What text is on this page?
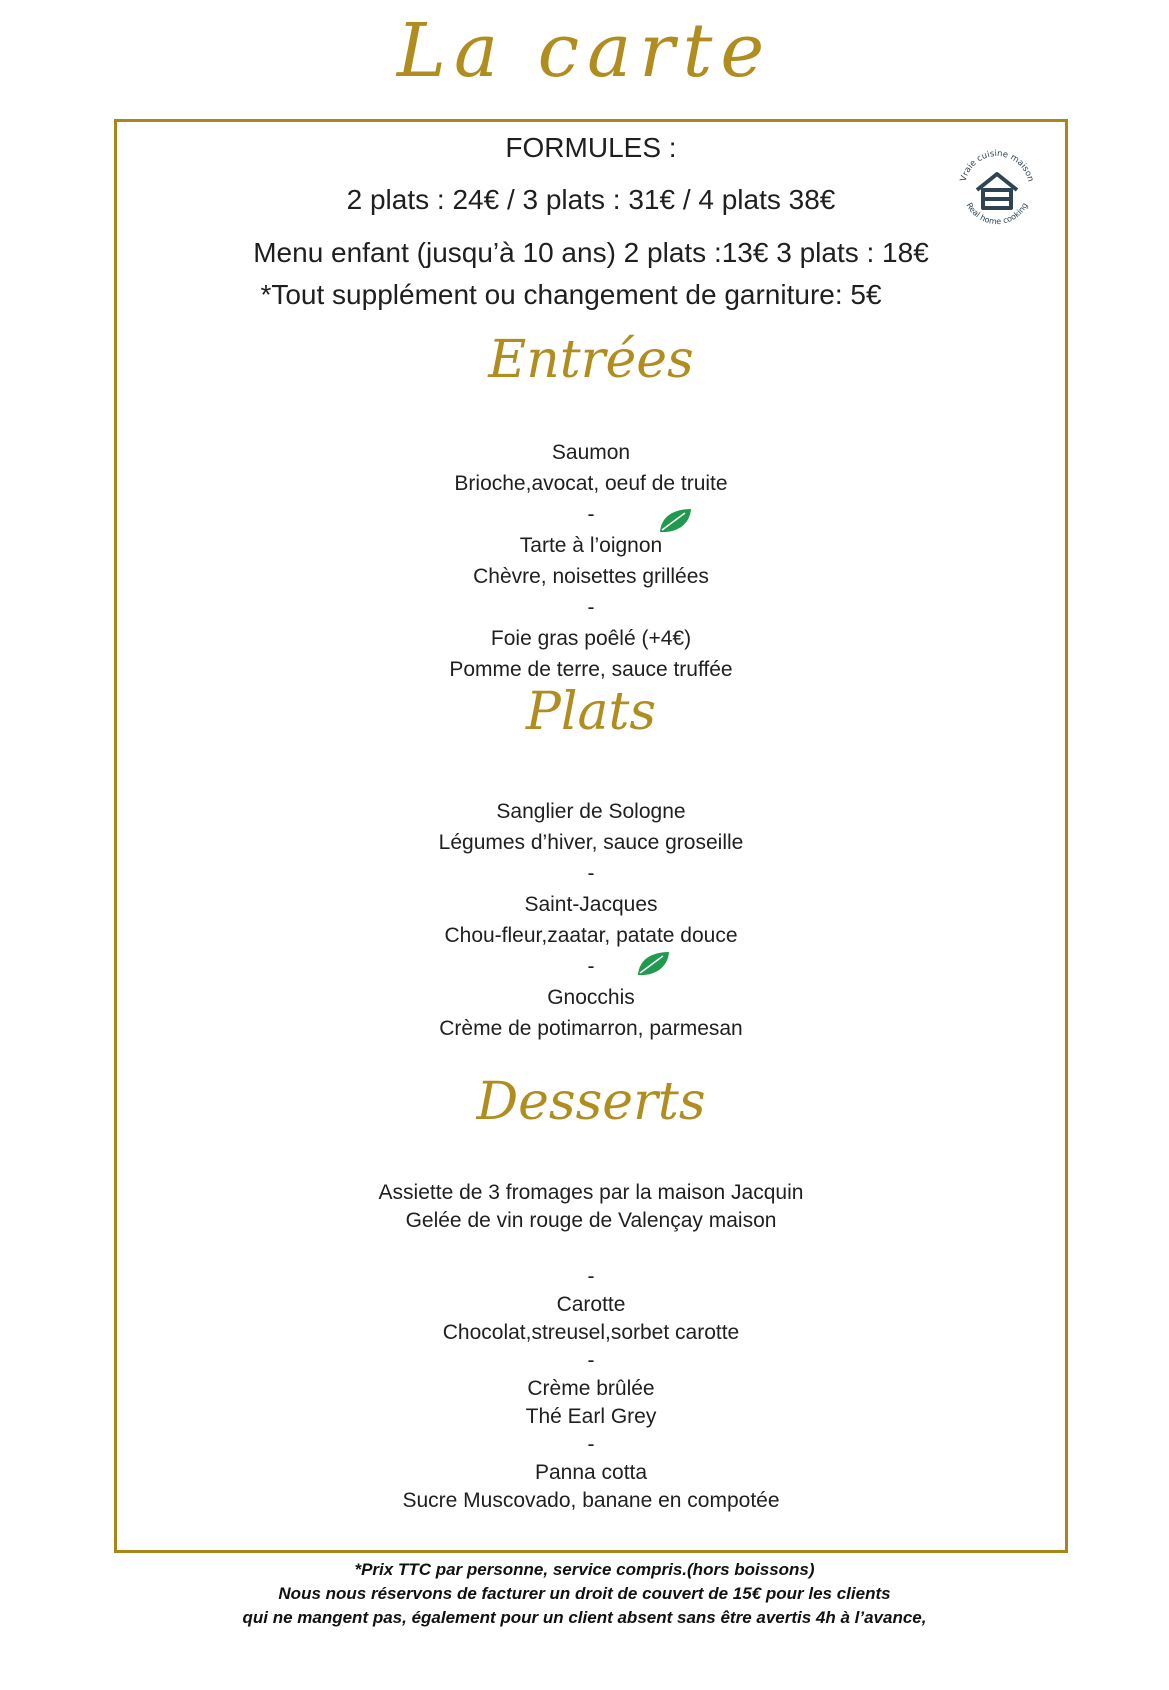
La carte
FORMULES :
2 plats : 24€ / 3 plats : 31€ / 4 plats 38€
Menu enfant (jusqu’à 10 ans) 2 plats :13€ 3 plats : 18€
*Tout supplément ou changement de garniture: 5€
Vraie cuisine maison
Real home cooking
Entrées
Saumon
Brioche,avocat, oeuf de truite
-
Tarte à l’oignon
Chèvre, noisettes grillées
-
Foie gras poêlé (+4€)
Pomme de terre, sauce truffée
Plats
Sanglier de Sologne
Légumes d’hiver, sauce groseille
-
Saint-Jacques
Chou-fleur,zaatar, patate douce
-
Gnocchis
Crème de potimarron, parmesan
Desserts
Assiette de 3 fromages par la maison Jacquin
Gelée de vin rouge de Valençay maison
-
Carotte
Chocolat,streusel,sorbet carotte
-
Crème brûlée
Thé Earl Grey
-
Panna cotta
Sucre Muscovado, banane en compotée
*Prix TTC par personne, service compris.(hors boissons)
Nous nous réservons de facturer un droit de couvert de 15€ pour les clients
qui ne mangent pas, également pour un client absent sans être avertis 4h à l’avance,
